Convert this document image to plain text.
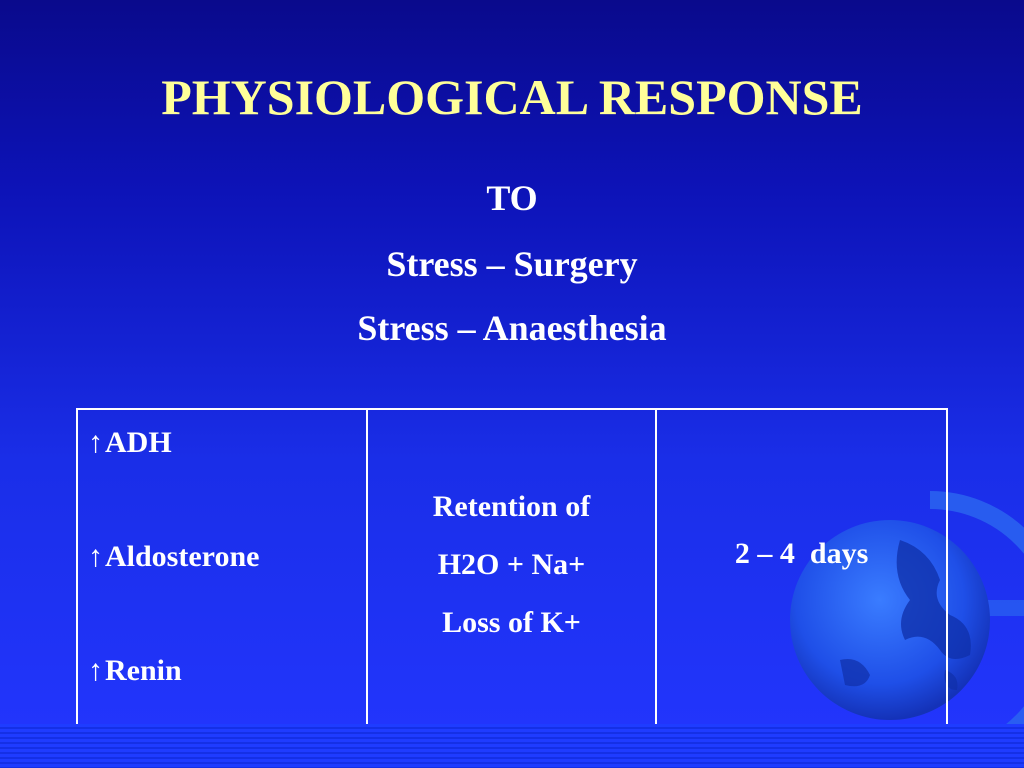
PHYSIOLOGICAL RESPONSE
TO
Stress – Surgery
Stress – Anaesthesia
↑ADH
↑Aldosterone
↑Renin

Retention of
H2O + Na+
Loss of K+

2 – 4  days
